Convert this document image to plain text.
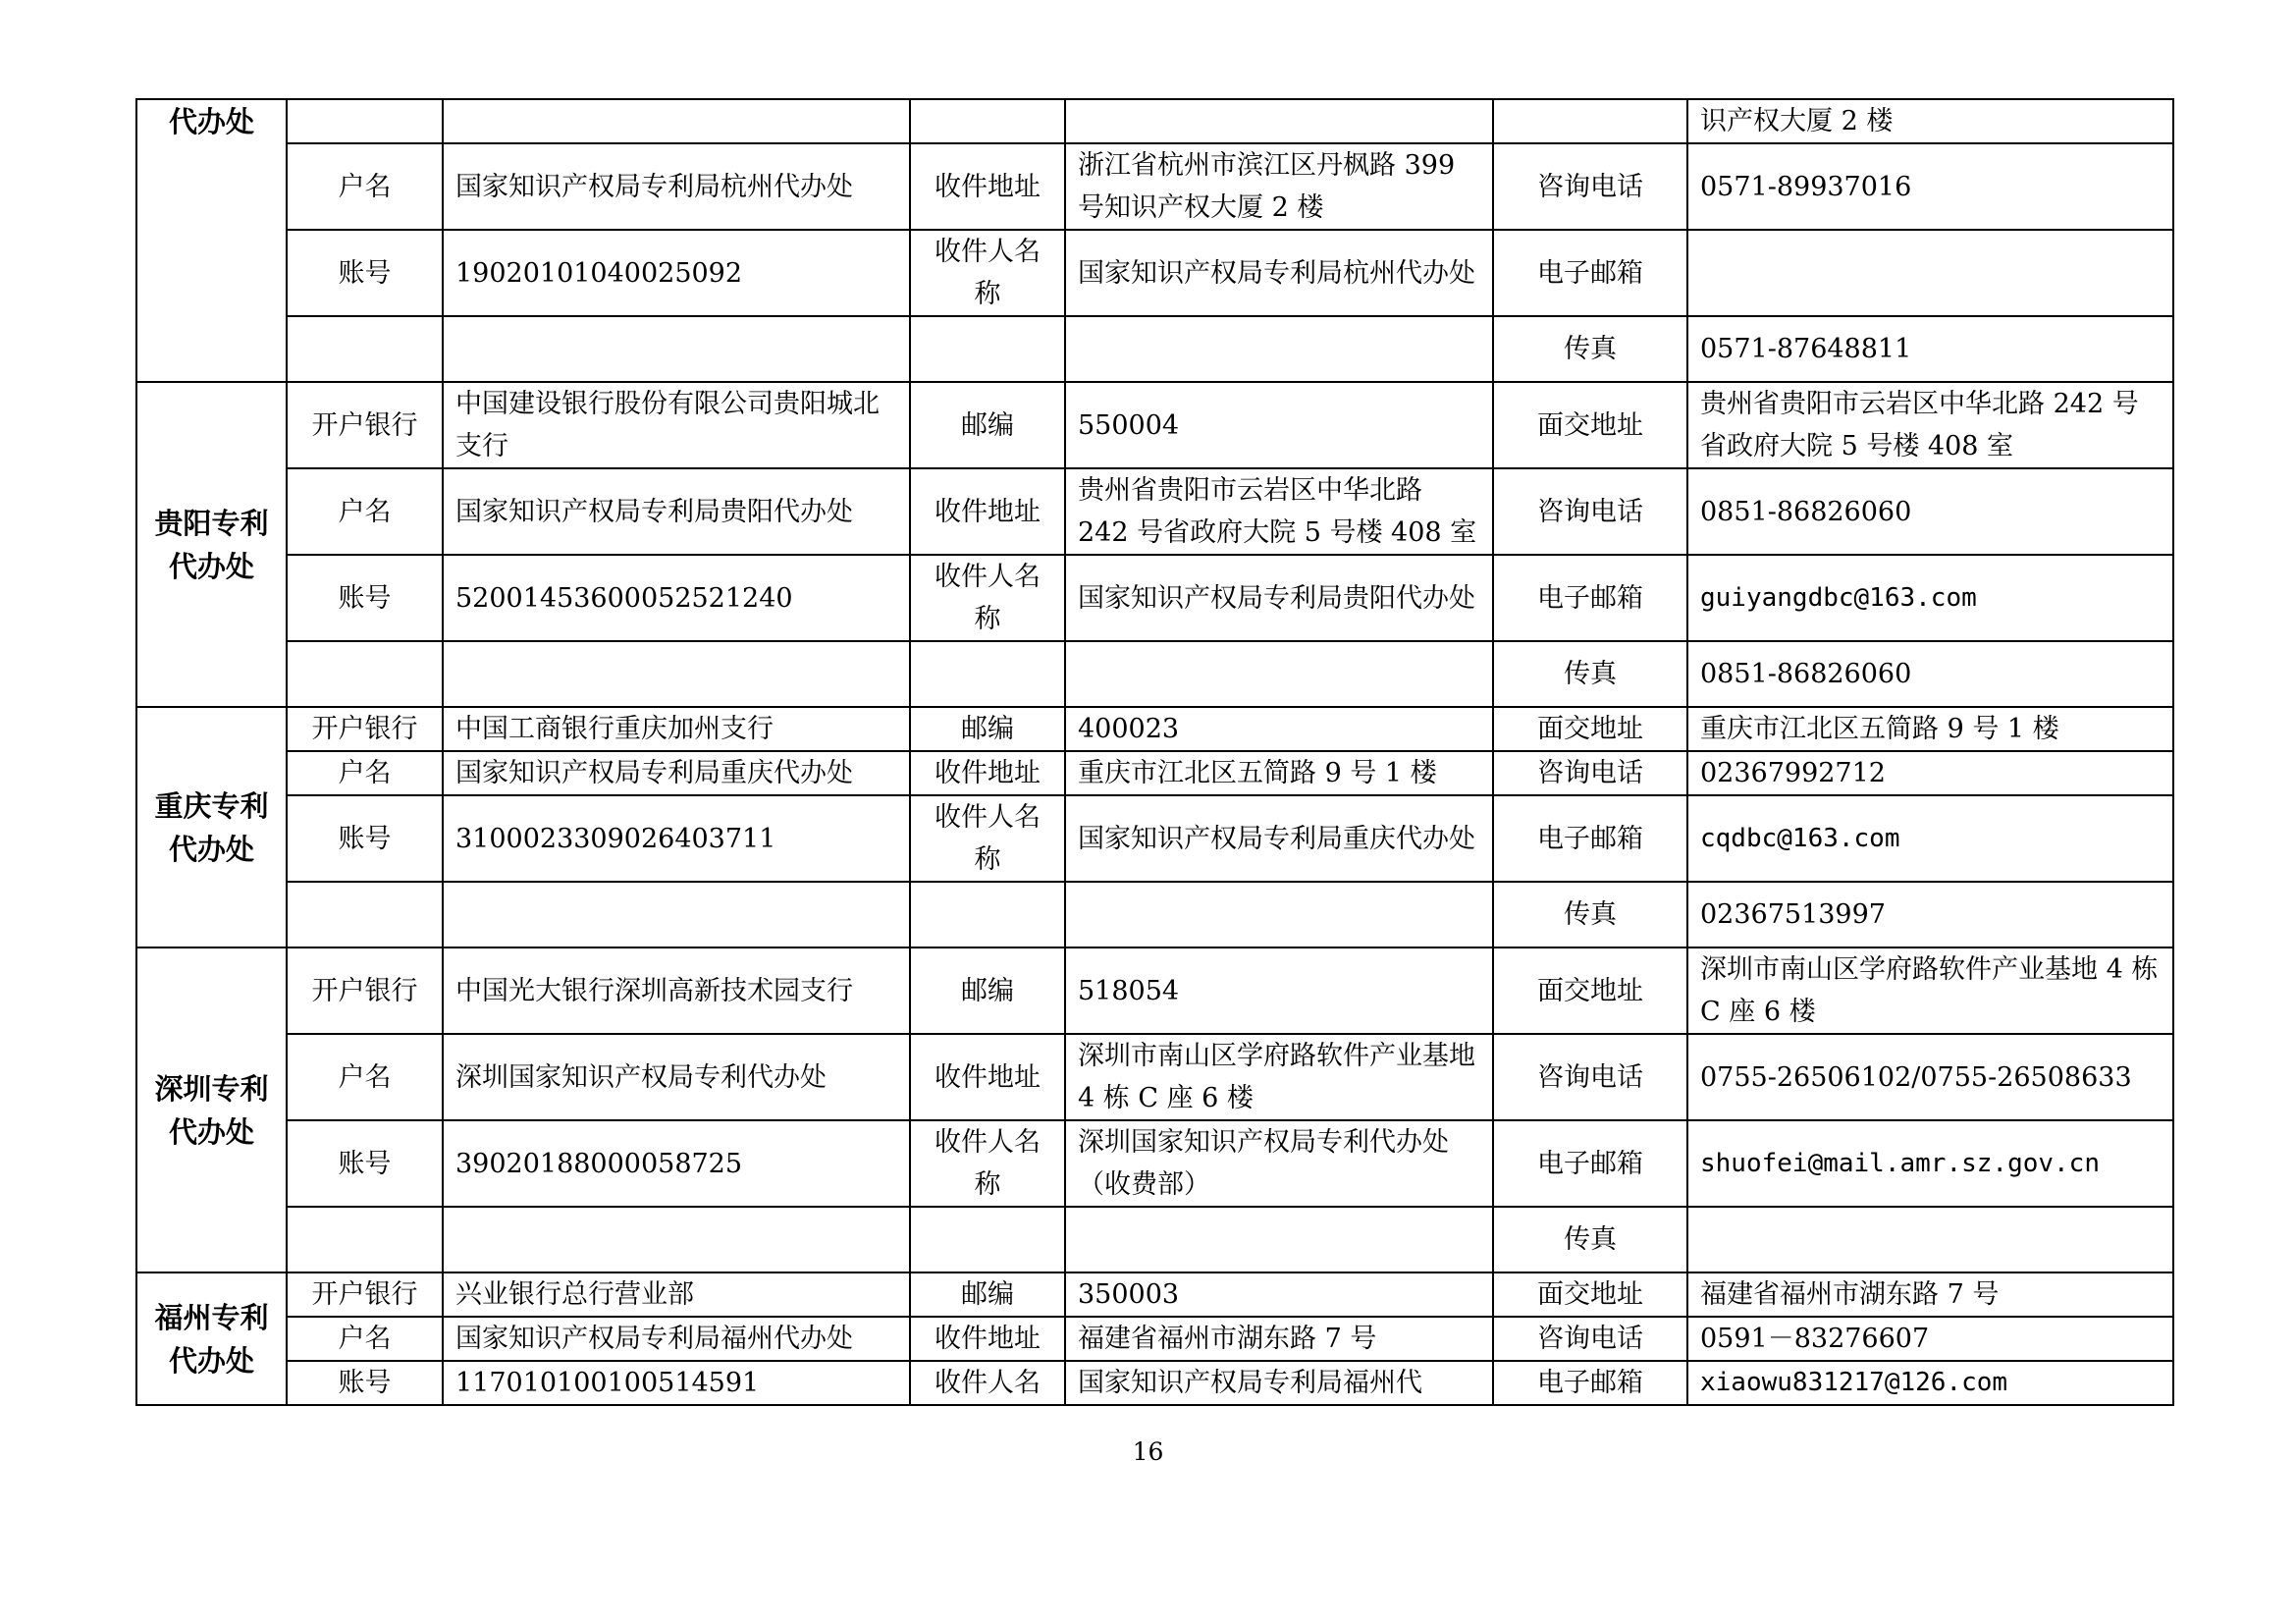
代办处						识产权大厦 2 楼
	户名	国家知识产权局专利局杭州代办处	收件地址	浙江省杭州市滨江区丹枫路 399 号知识产权大厦 2 楼	咨询电话	0571-89937016
	账号	19020101040025092	收件人名称	国家知识产权局专利局杭州代办处	电子邮箱	
					传真	0571-87648811
贵阳专利代办处	开户银行	中国建设银行股份有限公司贵阳城北支行	邮编	550004	面交地址	贵州省贵阳市云岩区中华北路 242 号省政府大院 5 号楼 408 室
	户名	国家知识产权局专利局贵阳代办处	收件地址	贵州省贵阳市云岩区中华北路 242 号省政府大院 5 号楼 408 室	咨询电话	0851-86826060
	账号	52001453600052521240	收件人名称	国家知识产权局专利局贵阳代办处	电子邮箱	guiyangdbc@163.com
					传真	0851-86826060
重庆专利代办处	开户银行	中国工商银行重庆加州支行	邮编	400023	面交地址	重庆市江北区五简路 9 号 1 楼
	户名	国家知识产权局专利局重庆代办处	收件地址	重庆市江北区五简路 9 号 1 楼	咨询电话	02367992712
	账号	3100023309026403711	收件人名称	国家知识产权局专利局重庆代办处	电子邮箱	cqdbc@163.com
					传真	02367513997
深圳专利代办处	开户银行	中国光大银行深圳高新技术园支行	邮编	518054	面交地址	深圳市南山区学府路软件产业基地 4 栋 C 座 6 楼
	户名	深圳国家知识产权局专利代办处	收件地址	深圳市南山区学府路软件产业基地 4 栋 C 座 6 楼	咨询电话	0755-26506102/0755-26508633
	账号	39020188000058725	收件人名称	深圳国家知识产权局专利代办处 （收费部）	电子邮箱	shuofei@mail.amr.sz.gov.cn
					传真	
福州专利代办处	开户银行	兴业银行总行营业部	邮编	350003	面交地址	福建省福州市湖东路 7 号
	户名	国家知识产权局专利局福州代办处	收件地址	福建省福州市湖东路 7 号	咨询电话	0591－83276607
	账号	117010100100514591	收件人名	国家知识产权局专利局福州代	电子邮箱	xiaowu831217@126.com
16
